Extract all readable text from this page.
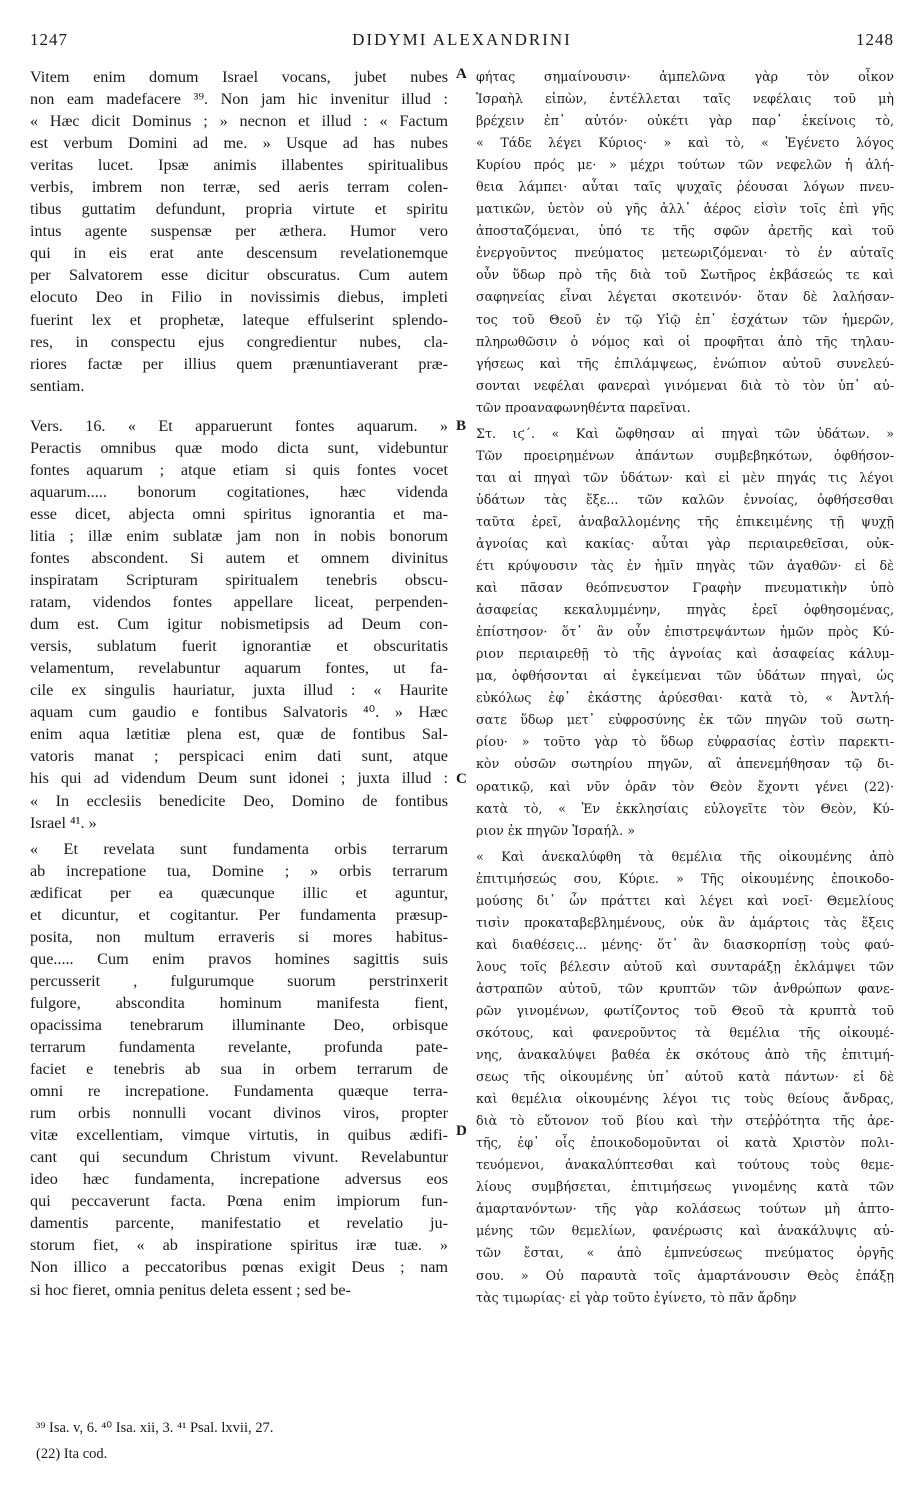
1247	DIDYMI ALEXANDRINI	1248
Vitem enim domum Israel vocans, jubet nubes
non eam madefacere ³⁹. Non jam hic invenitur illud :
« Hæc dicit Dominus ; » necnon et illud : « Factum
est verbum Domini ad me. » Usque ad has nubes
veritas lucet. Ipsæ animis illabentes spiritualibus
verbis, imbrem non terræ, sed aeris terram colen-
tibus guttatim defundunt, propria virtute et spiritu
intus agente suspensæ per æthera. Humor vero
qui in eis erat ante descensum revelationemque
per Salvatorem esse dicitur obscuratus. Cum autem
elocuto Deo in Filio in novissimis diebus, impleti
fuerint lex et prophetæ, lateque effulserint splendo-
res, in conspectu ejus congredientur nubes, cla-
riores factæ per illius quem prænuntiaverant præ-
sentiam.
Vers. 16. « Et apparuerunt fontes aquarum. »
Peractis omnibus quæ modo dicta sunt, videbuntur
fontes aquarum ; atque etiam si quis fontes vocet
aquarum..... bonorum cogitationes, hæc videnda
esse dicet, abjecta omni spiritus ignorantia et ma-
litia ; illæ enim sublatæ jam non in nobis bonorum
fontes abscondent. Si autem et omnem divinitus
inspiratam Scripturam spiritualem tenebris obscu-
ratam, videndos fontes appellare liceat, perpenden-
dum est. Cum igitur nobismetipsis ad Deum con-
versis, sublatum fuerit ignorantiæ et obscuritatis
velamentum, revelabuntur aquarum fontes, ut fa-
cile ex singulis hauriatur, juxta illud : « Haurite
aquam cum gaudio e fontibus Salvatoris ⁴⁰. » Hæc
enim aqua lætitiæ plena est, quæ de fontibus Sal-
vatoris manat ; perspicaci enim dati sunt, atque
his qui ad videndum Deum sunt idonei ; juxta illud :
« In ecclesiis benedicite Deo, Domino de fontibus
Israel ⁴¹. »
« Et revelata sunt fundamenta orbis terrarum
ab increpatione tua, Domine ; » orbis terrarum
ædificat per ea quæcunque illic et aguntur,
et dicuntur, et cogitantur. Per fundamenta præsup-
posita, non multum erraveris si mores habitus-
que..... Cum enim pravos homines sagittis suis
percusserit , fulgurumque suorum perstrinxerit
fulgore, abscondita hominum manifesta fient,
opacissima tenebrarum illuminante Deo, orbisque
terrarum fundamenta revelante, profunda pate-
faciet e tenebris ab sua in orbem terrarum de
omni re increpatione. Fundamenta quæque terra-
rum orbis nonnulli vocant divinos viros, propter
vitæ excellentiam, vimque virtutis, in quibus ædifi-
cant qui secundum Christum vivunt. Revelabuntur
ideo hæc fundamenta, increpatione adversus eos
qui peccaverunt facta. Pœna enim impiorum fun-
damentis parcente, manifestatio et revelatio ju-
storum fiet, « ab inspiratione spiritus iræ tuæ. »
Non illico a peccatoribus pœnas exigit Deus ; nam
si hoc fieret, omnia penitus deleta essent ; sed be-
φήτας σημαίνουσιν· ἀμπελῶνα γὰρ τὸν οἶκον
Ἰσραὴλ εἰπὼν, ἐντέλλεται ταῖς νεφέλαις τοῦ μὴ
βρέχειν ἐπ᾽ αὐτόν· οὐκέτι γὰρ παρ᾽ ἐκείνοις τὸ,
« Τάδε λέγει Κύριος· » καὶ τὸ, « Ἐγένετο λόγος
Κυρίου πρός με· » μέχρι τούτων τῶν νεφελῶν ἡ ἀλή-
θεια λάμπει· αὗται ταῖς ψυχαῖς ῥέουσαι λόγων πνευ-
ματικῶν, ὑετὸν οὐ γῆς ἀλλ᾽ ἀέρος εἰσὶν τοῖς ἐπὶ γῆς
ἀποσταζόμεναι, ὑπό τε τῆς σφῶν ἀρετῆς καὶ τοῦ
ἐνεργοῦντος πνεύματος μετεωριζόμεναι· τὸ ἐν αὐταῖς
οὖν ὕδωρ πρὸ τῆς διὰ τοῦ Σωτῆρος ἐκβάσεώς τε καὶ
σαφηνείας εἶναι λέγεται σκοτεινόν· ὅταν δὲ λαλήσαν-
τος τοῦ Θεοῦ ἐν τῷ Υἱῷ ἐπ᾽ ἐσχάτων τῶν ἡμερῶν,
πληρωθῶσιν ὁ νόμος καὶ οἱ προφῆται ἀπὸ τῆς τηλαυ-
γήσεως καὶ τῆς ἐπιλάμψεως, ἐνώπιον αὐτοῦ συνελεύ-
σονται νεφέλαι φανεραὶ γινόμεναι διὰ τὸ τὸν ὑπ᾽ αὐ-
τῶν προαναφωνηθέντα παρεῖναι.
Στ. ιϛ΄. « Καὶ ὤφθησαν αἱ πηγαὶ τῶν ὑδάτων. »
Τῶν προειρημένων ἁπάντων συμβεβηκότων, ὀφθήσον-
ται αἱ πηγαὶ τῶν ὑδάτων· καὶ εἰ μὲν πηγάς τις λέγοι
ὑδάτων τὰς ἕξε... τῶν καλῶν ἐννοίας, ὀφθήσεσθαι
ταῦτα ἐρεῖ, ἀναβαλλομένης τῆς ἐπικειμένης τῇ ψυχῇ
ἀγνοίας καὶ κακίας· αὗται γὰρ περιαιρεθεῖσαι, οὐκ-
έτι κρύψουσιν τὰς ἐν ἡμῖν πηγὰς τῶν ἀγαθῶν· εἰ δὲ
καὶ πᾶσαν θεόπνευστον Γραφὴν πνευματικὴν ὑπὸ
ἀσαφείας κεκαλυμμένην, πηγὰς ἐρεῖ ὀφθησομένας,
ἐπίστησον· ὅτ᾽ ἂν οὖν ἐπιστρεψάντων ἡμῶν πρὸς Κύ-
ριον περιαιρεθῇ τὸ τῆς ἀγνοίας καὶ ἀσαφείας κάλυμ-
μα, ὀφθήσονται αἱ ἐγκείμεναι τῶν ὑδάτων πηγαὶ, ὡς
εὐκόλως ἐφ᾽ ἑκάστης ἀρύεσθαι· κατὰ τὸ, « Ἀντλή-
σατε ὕδωρ μετ᾽ εὐφροσύνης ἐκ τῶν πηγῶν τοῦ σωτη-
ρίου· » τοῦτο γὰρ τὸ ὕδωρ εὐφρασίας ἐστὶν παρεκτι-
κὸν οὐσῶν σωτηρίου πηγῶν, αἳ ἀπενεμήθησαν τῷ δι-
ορατικῷ, καὶ νῦν ὁρᾶν τὸν Θεὸν ἔχοντι γένει (22)·
κατὰ τὸ, « Ἐν ἐκκλησίαις εὐλογεῖτε τὸν Θεὸν, Κύ-
ριον ἐκ πηγῶν Ἰσραήλ. »
« Καὶ ἀνεκαλύφθη τὰ θεμέλια τῆς οἰκουμένης ἀπὸ
ἐπιτιμήσεώς σου, Κύριε. » Τῆς οἰκουμένης ἐποικοδο-
μούσης δι᾽ ὧν πράττει καὶ λέγει καὶ νοεῖ· Θεμελίους
τισὶν προκαταβεβλημένους, οὐκ ἂν ἁμάρτοις τὰς ἕξεις
καὶ διαθέσεις... μένης· ὅτ᾽ ἂν διασκορπίσῃ τοὺς φαύ-
λους τοῖς βέλεσιν αὐτοῦ καὶ συνταράξῃ ἐκλάμψει τῶν
ἀστραπῶν αὐτοῦ, τῶν κρυπτῶν τῶν ἀνθρώπων φανε-
ρῶν γινομένων, φωτίζοντος τοῦ Θεοῦ τὰ κρυπτὰ τοῦ
σκότους, καὶ φανεροῦντος τὰ θεμέλια τῆς οἰκουμέ-
νης, ἀνακαλύψει βαθέα ἐκ σκότους ἀπὸ τῆς ἐπιτιμή-
σεως τῆς οἰκουμένης ὑπ᾽ αὐτοῦ κατὰ πάντων· εἰ δὲ
καὶ θεμέλια οἰκουμένης λέγοι τις τοὺς θείους ἄνδρας,
διὰ τὸ εὔτονον τοῦ βίου καὶ τὴν στεῤῥότητα τῆς ἀρε-
τῆς, ἐφ᾽ οἷς ἐποικοδομοῦνται οἱ κατὰ Χριστὸν πολι-
τευόμενοι, ἀνακαλύπτεσθαι καὶ τούτους τοὺς θεμε-
λίους συμβήσεται, ἐπιτιμήσεως γινομένης κατὰ τῶν
ἁμαρτανόντων· τῆς γὰρ κολάσεως τούτων μὴ ἁπτο-
μένης τῶν θεμελίων, φανέρωσις καὶ ἀνακάλυψις αὐ-
τῶν ἔσται, « ἀπὸ ἐμπνεύσεως πνεύματος ὀργῆς
σου. » Οὐ παραυτὰ τοῖς ἁμαρτάνουσιν Θεὸς ἐπάξῃ
τὰς τιμωρίας· εἰ γὰρ τοῦτο ἐγίνετο, τὸ πᾶν ἄρδην
A
B
C
D
³⁹ Isa. v, 6. ⁴⁰ Isa. xii, 3. ⁴¹ Psal. lxvii, 27.
(22) Ita cod.
